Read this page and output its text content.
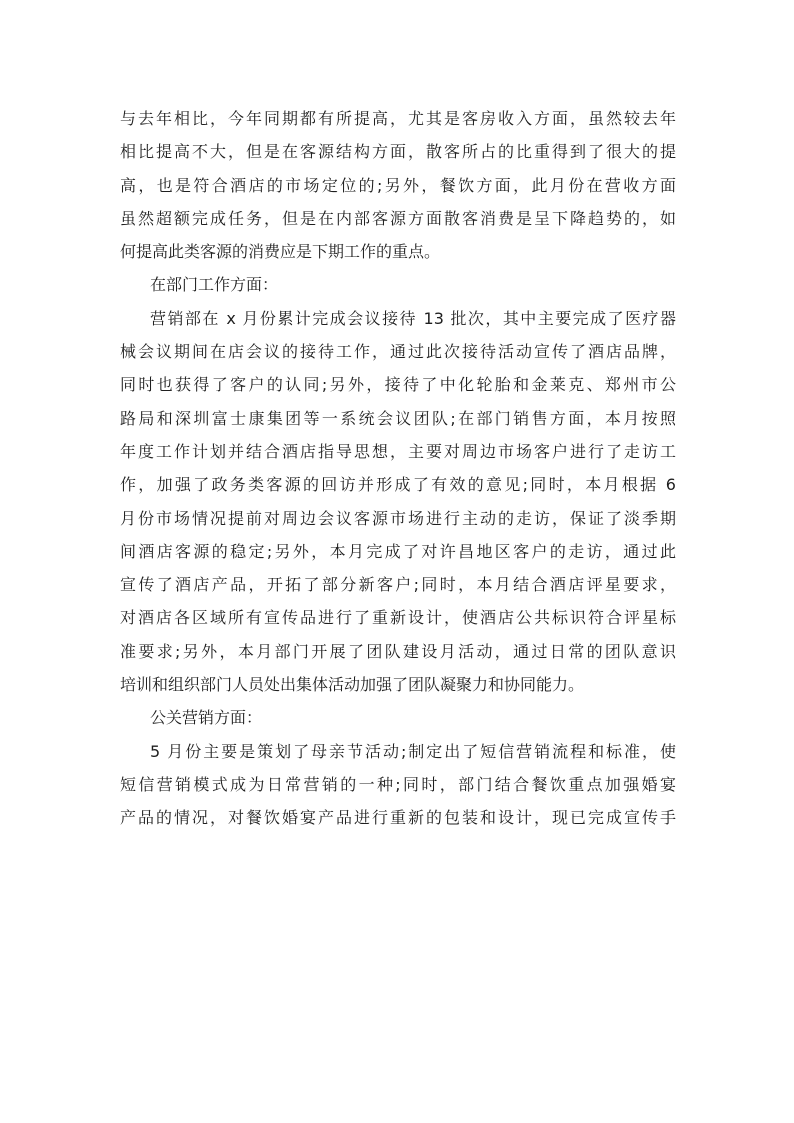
与去年相比，今年同期都有所提高，尤其是客房收入方面，虽然较去年
相比提高不大，但是在客源结构方面，散客所占的比重得到了很大的提
高，也是符合酒店的市场定位的;另外，餐饮方面，此月份在营收方面
虽然超额完成任务，但是在内部客源方面散客消费是呈下降趋势的，如
何提高此类客源的消费应是下期工作的重点。
在部门工作方面：
营销部在 x 月份累计完成会议接待 13 批次，其中主要完成了医疗器
械会议期间在店会议的接待工作，通过此次接待活动宣传了酒店品牌，
同时也获得了客户的认同;另外，接待了中化轮胎和金莱克、郑州市公
路局和深圳富士康集团等一系统会议团队;在部门销售方面，本月按照
年度工作计划并结合酒店指导思想，主要对周边市场客户进行了走访工
作，加强了政务类客源的回访并形成了有效的意见;同时，本月根据 6
月份市场情况提前对周边会议客源市场进行主动的走访，保证了淡季期
间酒店客源的稳定;另外，本月完成了对许昌地区客户的走访，通过此
宣传了酒店产品，开拓了部分新客户;同时，本月结合酒店评星要求，
对酒店各区域所有宣传品进行了重新设计，使酒店公共标识符合评星标
准要求;另外，本月部门开展了团队建设月活动，通过日常的团队意识
培训和组织部门人员处出集体活动加强了团队凝聚力和协同能力。
公关营销方面：
5 月份主要是策划了母亲节活动;制定出了短信营销流程和标准，使
短信营销模式成为日常营销的一种;同时，部门结合餐饮重点加强婚宴
产品的情况，对餐饮婚宴产品进行重新的包装和设计，现已完成宣传手
